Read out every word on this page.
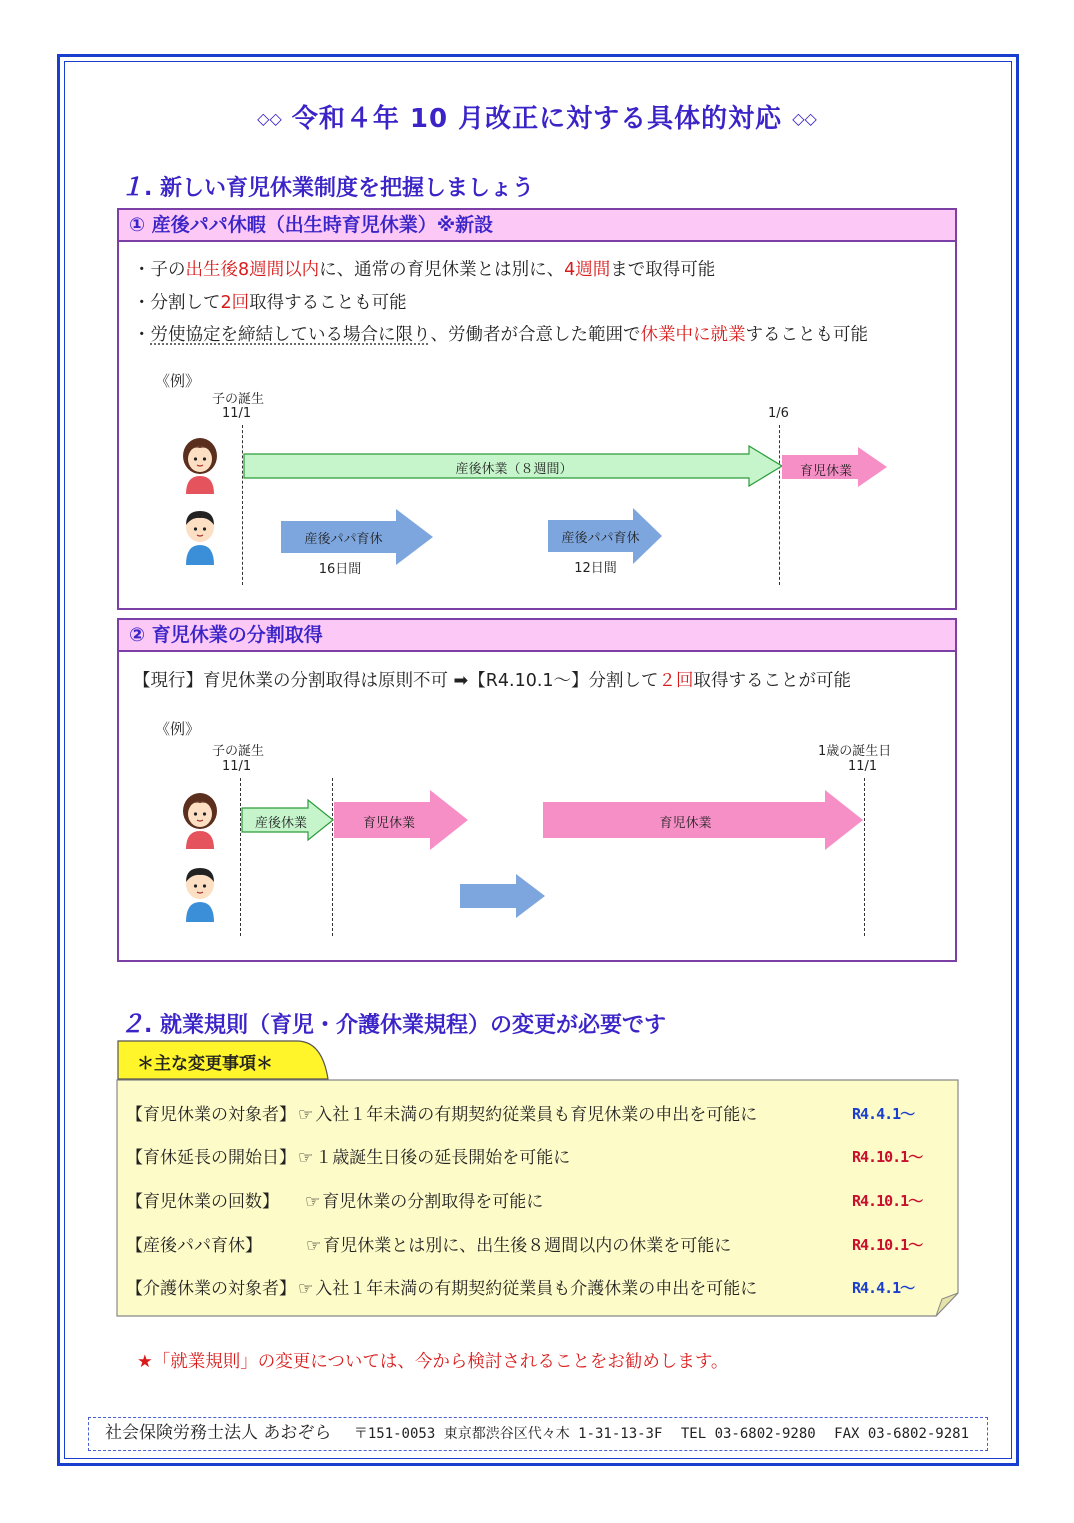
◇◇ 令和４年 10 月改正に対する具体的対応 ◇◇
１. 新しい育児休業制度を把握しましょう
① 産後パパ休暇（出生時育児休業）※新設
・子の出生後8週間以内に、通常の育児休業とは別に、4週間まで取得可能
・分割して2回取得することも可能
・労使協定を締結している場合に限り、労働者が合意した範囲で休業中に就業することも可能
《例》
子の誕生
11/1	1/6
産後休業（８週間）	育児休業
産後パパ育休
16日間
産後パパ育休
12日間
② 育児休業の分割取得
【現行】育児休業の分割取得は原則不可 ➡【R4.10.1～】分割して２回取得することが可能
《例》
子の誕生
11/1
1歳の誕生日
11/1
産後休業	育児休業	育児休業
２. 就業規則（育児・介護休業規程）の変更が必要です
＊主な変更事項＊
【育児休業の対象者】 ☞ 入社１年未満の有期契約従業員も育児休業の申出を可能に	R4.4.1～
【育休延長の開始日】 ☞ １歳誕生日後の延長開始を可能に	R4.10.1～
【育児休業の回数】 ☞ 育児休業の分割取得を可能に	R4.10.1～
【産後パパ育休】	☞ 育児休業とは別に、出生後８週間以内の休業を可能に	R4.10.1～
【介護休業の対象者】 ☞ 入社１年未満の有期契約従業員も介護休業の申出を可能に	R4.4.1～
★「就業規則」の変更については、今から検討されることをお勧めします。
社会保険労務士法人 あおぞら 〒151-0053 東京都渋谷区代々木 1-31-13-3F TEL 03-6802-9280 FAX 03-6802-9281
